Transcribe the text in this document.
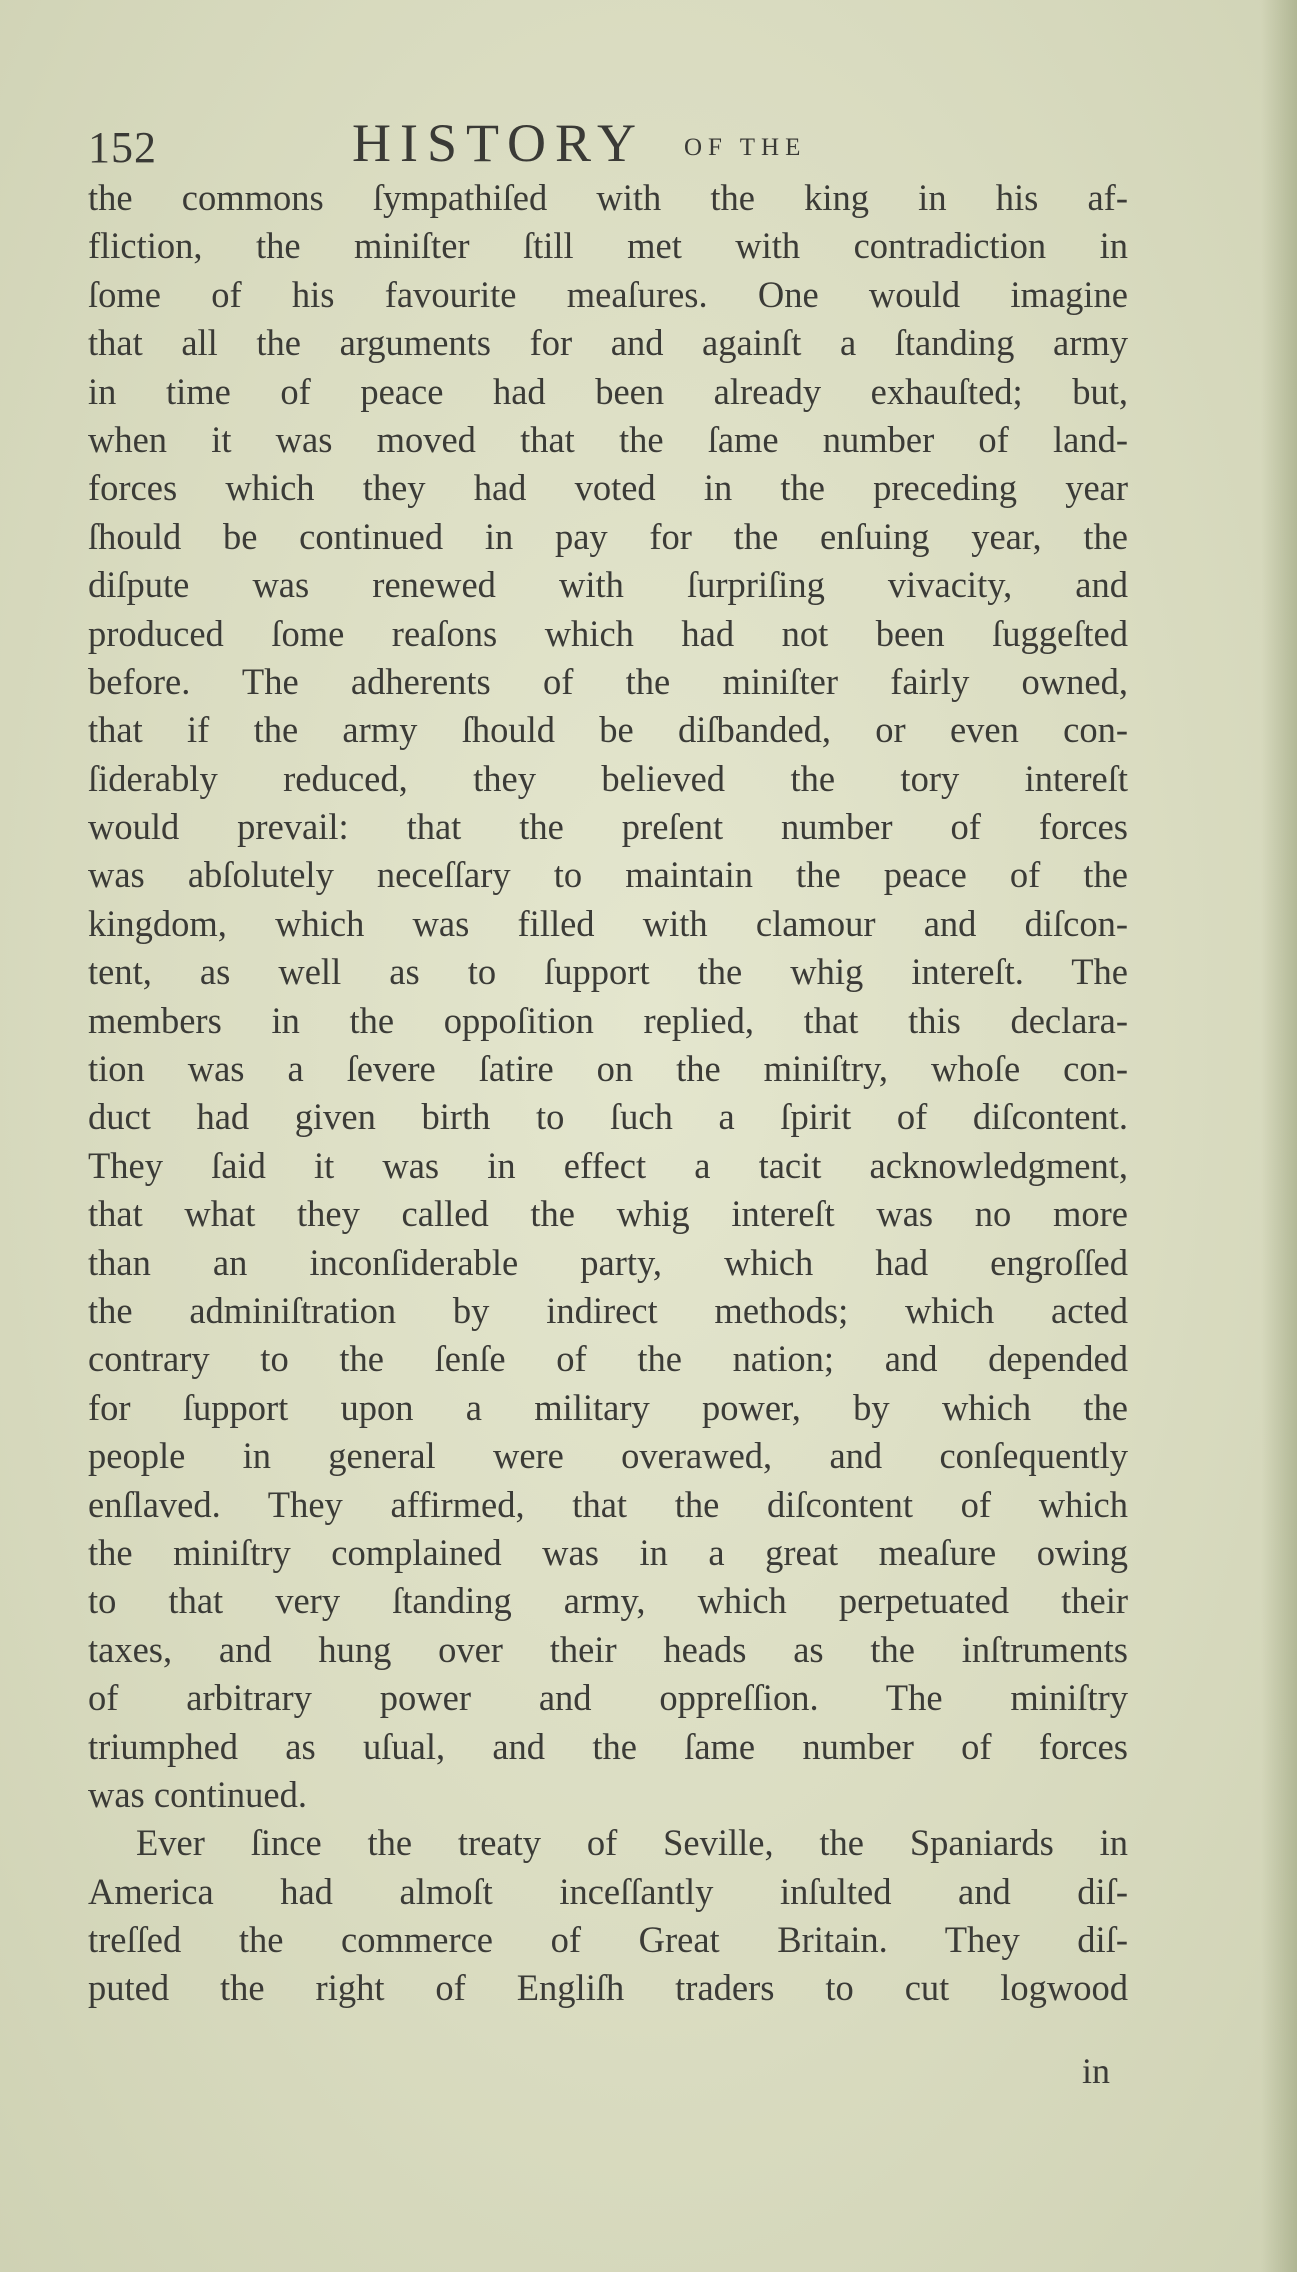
152	HISTORY OF THE
the commons ſympathiſed with the king in his af-
fliction, the miniſter ſtill met with contradiction in
ſome of his favourite meaſures. One would imagine
that all the arguments for and againſt a ſtanding army
in time of peace had been already exhauſted; but,
when it was moved that the ſame number of land-
forces which they had voted in the preceding year
ſhould be continued in pay for the enſuing year, the
diſpute was renewed with ſurpriſing vivacity, and
produced ſome reaſons which had not been ſuggeſted
before. The adherents of the miniſter fairly owned,
that if the army ſhould be diſbanded, or even con-
ſiderably reduced, they believed the tory intereſt
would prevail: that the preſent number of forces
was abſolutely neceſſary to maintain the peace of the
kingdom, which was filled with clamour and diſcon-
tent, as well as to ſupport the whig intereſt. The
members in the oppoſition replied, that this declara-
tion was a ſevere ſatire on the miniſtry, whoſe con-
duct had given birth to ſuch a ſpirit of diſcontent.
They ſaid it was in effect a tacit acknowledgment,
that what they called the whig intereſt was no more
than an inconſiderable party, which had engroſſed
the adminiſtration by indirect methods; which acted
contrary to the ſenſe of the nation; and depended
for ſupport upon a military power, by which the
people in general were overawed, and conſequently
enſlaved. They affirmed, that the diſcontent of which
the miniſtry complained was in a great meaſure owing
to that very ſtanding army, which perpetuated their
taxes, and hung over their heads as the inſtruments
of arbitrary power and oppreſſion. The miniſtry
triumphed as uſual, and the ſame number of forces
was continued.
Ever ſince the treaty of Seville, the Spaniards in
America had almoſt inceſſantly inſulted and diſ-
treſſed the commerce of Great Britain. They diſ-
puted the right of Engliſh traders to cut logwood
in
